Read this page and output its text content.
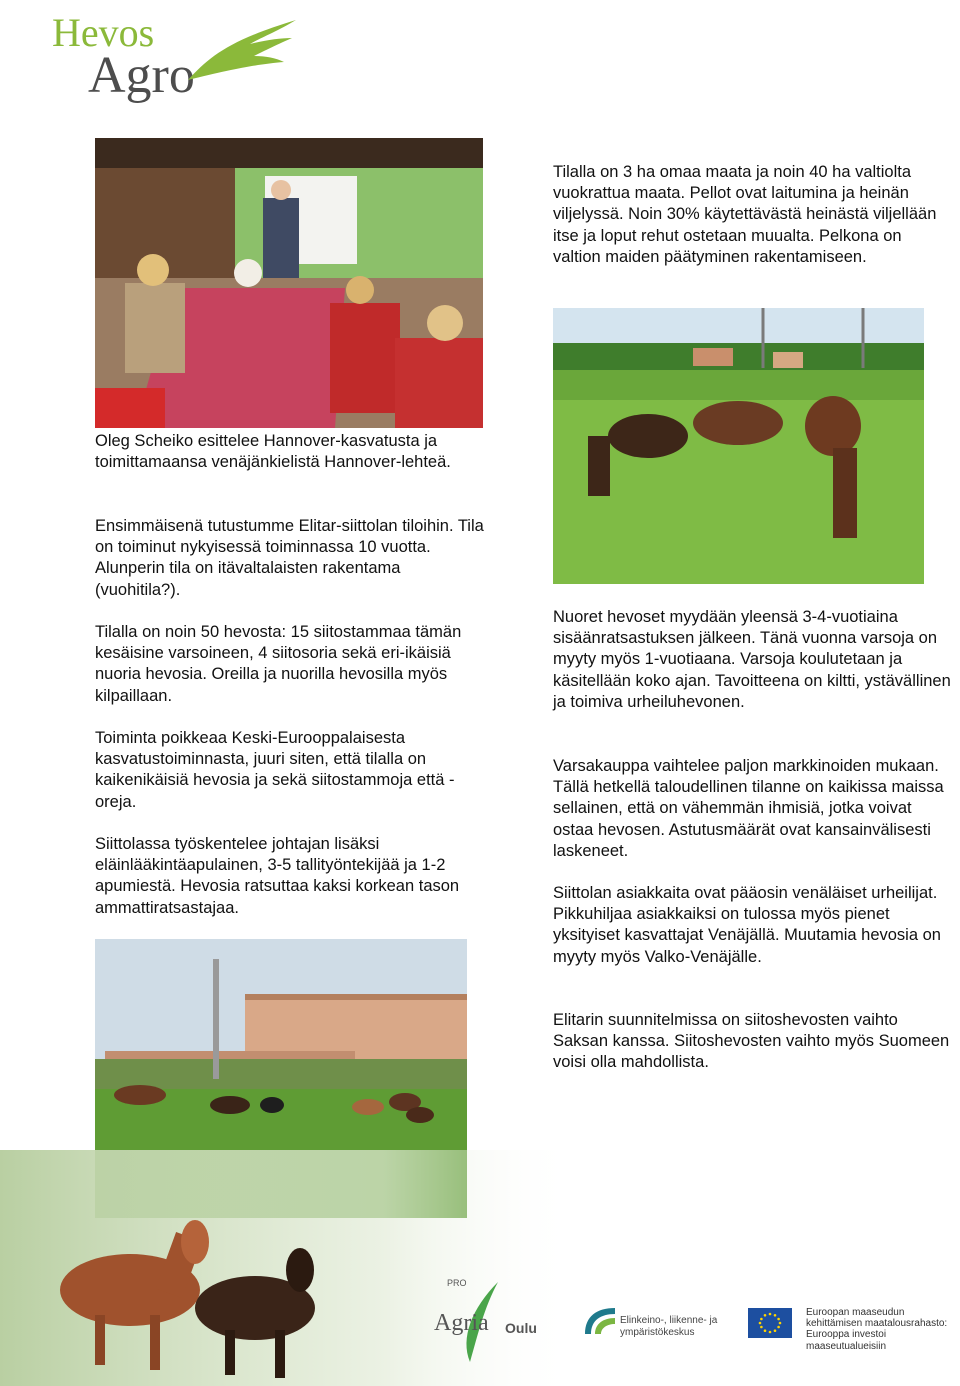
Hevos
Agro
Oleg Scheiko esittelee Hannover-kasvatusta ja toimittamaansa venäjänkielistä Hannover-lehteä.

Ensimmäisenä tutustumme Elitar-siittolan tiloihin. Tila on toiminut nykyisessä toiminnassa 10 vuotta. Alunperin tila on itävaltalaisten rakentama (vuohitila?).

Tilalla on noin 50 hevosta: 15 siitostammaa tämän kesäisine varsoineen, 4 siitosoria sekä eri-ikäisiä nuoria hevosia. Oreilla ja nuorilla hevosilla myös kilpaillaan.

Toiminta poikkeaa Keski-Eurooppalaisesta kasvatustoiminnasta, juuri siten, että tilalla on kaikenikäisiä hevosia ja sekä siitostammoja että -oreja.

Siittolassa työskentelee johtajan lisäksi eläinlääkintäapulainen, 3-5 tallityöntekijää ja 1-2 apumiestä. Hevosia ratsuttaa kaksi korkean tason ammattiratsastajaa.

Tilalla on 3 ha omaa maata ja noin 40 ha valtiolta vuokrattua maata. Pellot ovat laitumina ja heinän viljelyssä. Noin 30% käytettävästä heinästä viljellään itse ja loput rehut ostetaan muualta. Pelkona on valtion maiden päätyminen rakentamiseen.

Nuoret hevoset myydään yleensä 3-4-vuotiaina sisäänratsastuksen jälkeen. Tänä vuonna varsoja on myyty myös 1-vuotiaana. Varsoja koulutetaan ja käsitellään koko ajan. Tavoitteena on kiltti, ystävällinen ja toimiva urheiluhevonen.

Varsakauppa vaihtelee paljon markkinoiden mukaan. Tällä hetkellä taloudellinen tilanne on kaikissa maissa sellainen, että on vähemmän ihmisiä, jotka voivat ostaa hevosen. Astutusmäärät ovat kansainvälisesti laskeneet.

Siittolan asiakkaita ovat pääosin venäläiset urheilijat. Pikkuhiljaa asiakkaiksi on tulossa myös pienet yksityiset kasvattajat Venäjällä. Muutamia hevosia on myyty myös Valko-Venäjälle.

Elitarin suunnitelmissa on siitoshevosten vaihto Saksan kanssa. Siitoshevosten vaihto myös Suomeen voisi olla mahdollista.

PRO
Agria Oulu	Elinkeino-, liikenne- ja
ympäristökeskus
Euroopan maaseudun
kehittämisen maatalousrahasto:
Eurooppa investoi maaseutualueisiin
